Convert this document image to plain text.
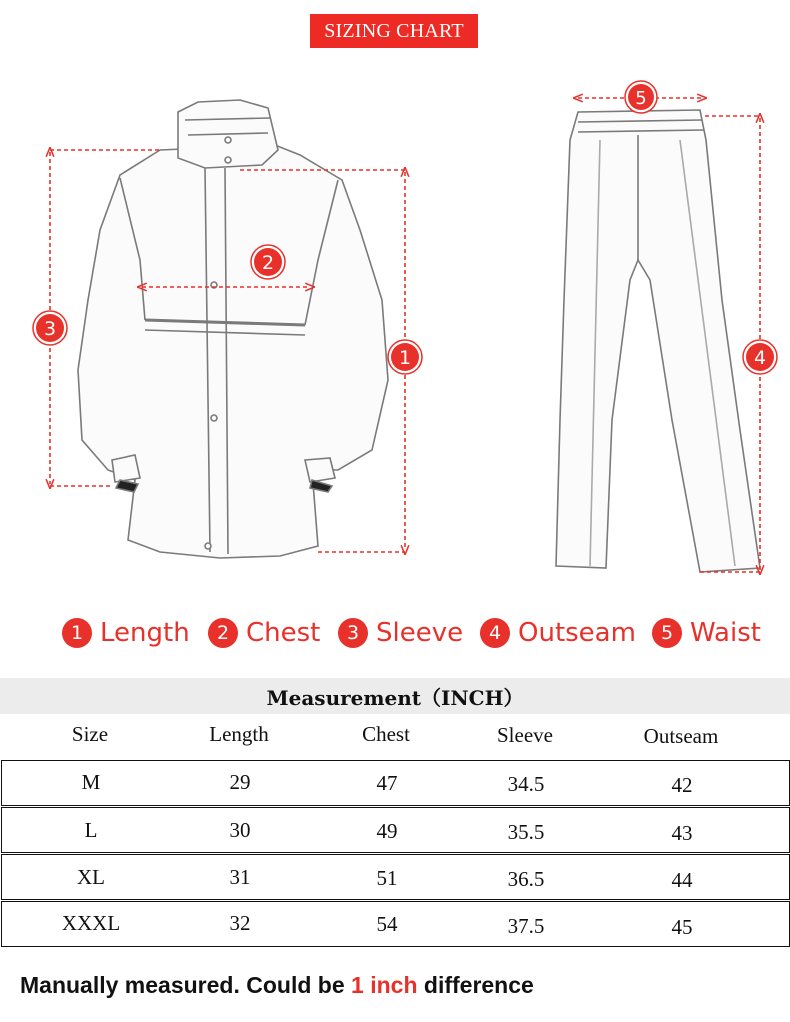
SIZING CHART
1
2
3
4
5
1 Length	2 Chest	3 Sleeve	4 Outseam	5 Waist
Measurement（INCH）
Size	Length	Chest	Sleeve	Outseam
M	29	47	34.5	42
L	30	49	35.5	43
XL	31	51	36.5	44
XXXL	32	54	37.5	45
Manually measured. Could be 1 inch difference
